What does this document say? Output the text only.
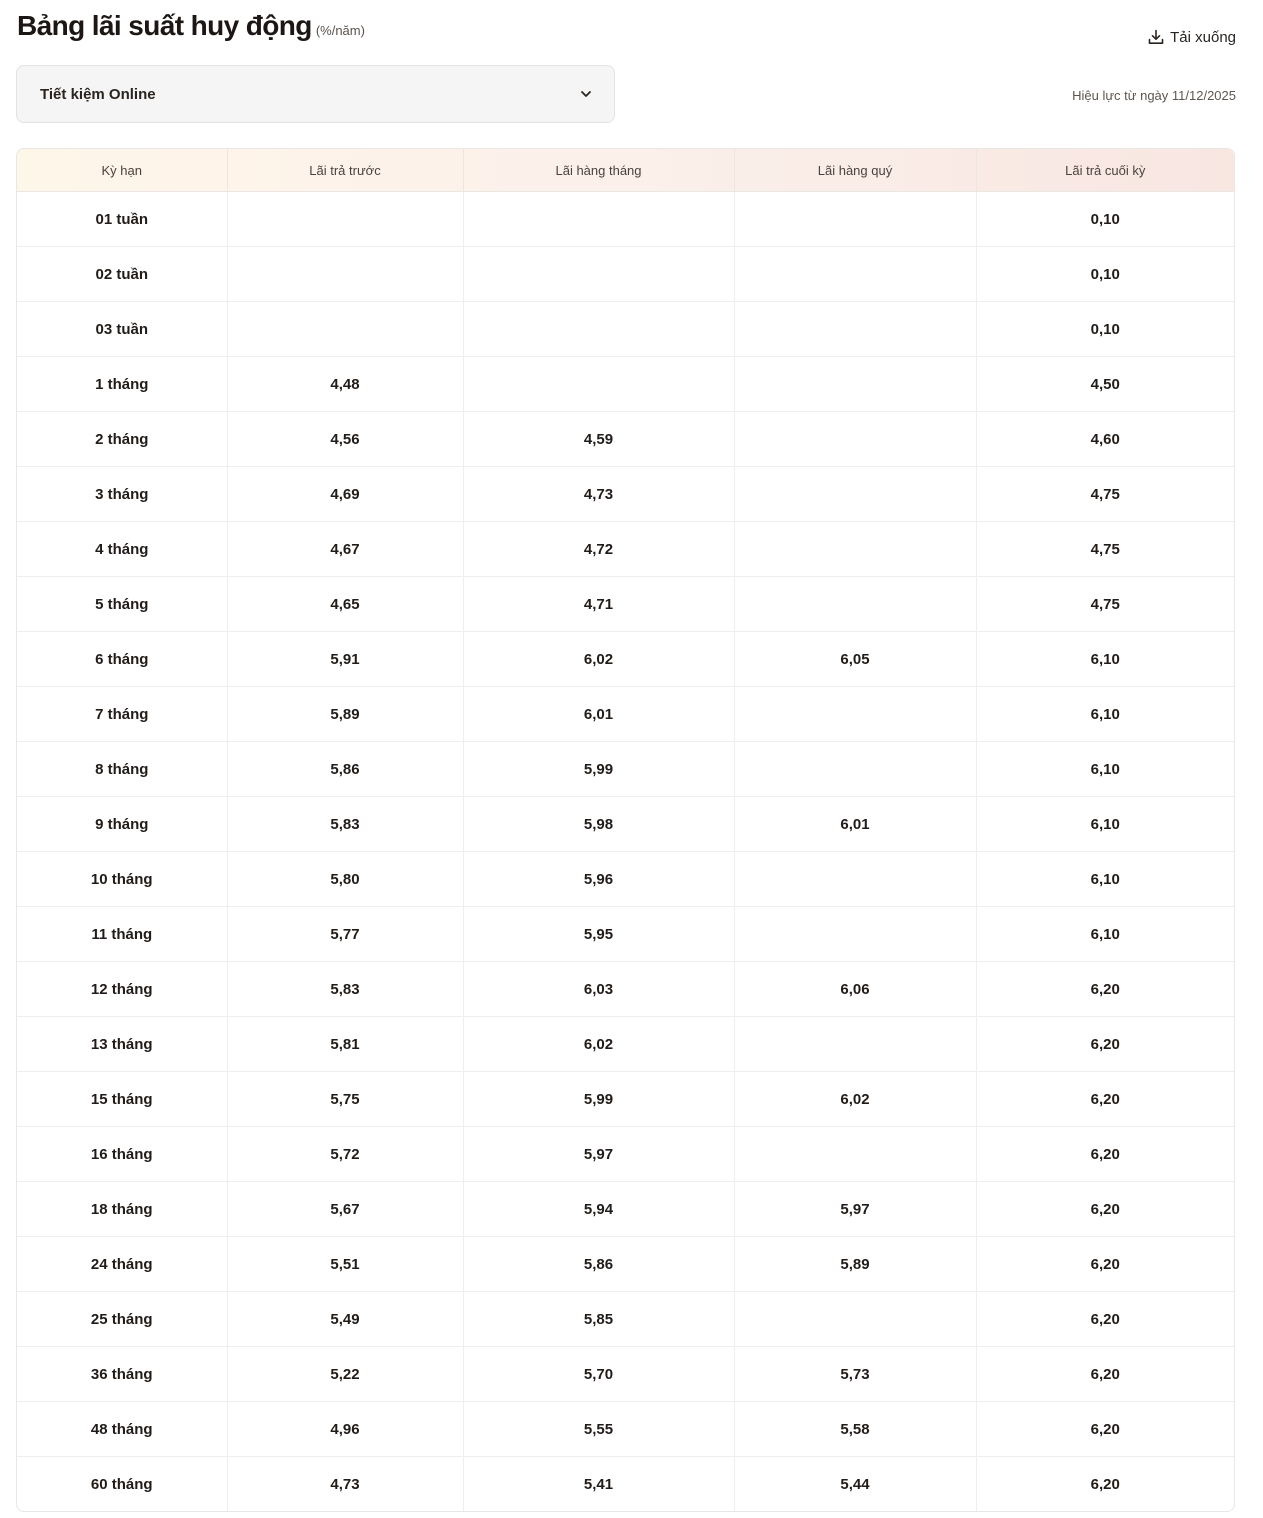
Bảng lãi suất huy động (%/năm)	Tải xuống
Tiết kiệm Online	Hiệu lực từ ngày 11/12/2025
Kỳ hạn	Lãi trả trước	Lãi hàng tháng	Lãi hàng quý	Lãi trả cuối kỳ
01 tuần				0,10
02 tuần				0,10
03 tuần				0,10
1 tháng	4,48			4,50
2 tháng	4,56	4,59		4,60
3 tháng	4,69	4,73		4,75
4 tháng	4,67	4,72		4,75
5 tháng	4,65	4,71		4,75
6 tháng	5,91	6,02	6,05	6,10
7 tháng	5,89	6,01		6,10
8 tháng	5,86	5,99		6,10
9 tháng	5,83	5,98	6,01	6,10
10 tháng	5,80	5,96		6,10
11 tháng	5,77	5,95		6,10
12 tháng	5,83	6,03	6,06	6,20
13 tháng	5,81	6,02		6,20
15 tháng	5,75	5,99	6,02	6,20
16 tháng	5,72	5,97		6,20
18 tháng	5,67	5,94	5,97	6,20
24 tháng	5,51	5,86	5,89	6,20
25 tháng	5,49	5,85		6,20
36 tháng	5,22	5,70	5,73	6,20
48 tháng	4,96	5,55	5,58	6,20
60 tháng	4,73	5,41	5,44	6,20
